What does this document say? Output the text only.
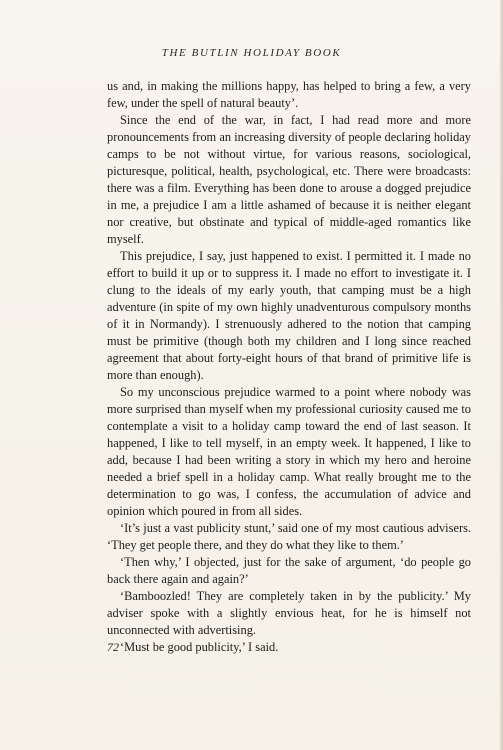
THE BUTLIN HOLIDAY BOOK

us and, in making the millions happy, has helped to bring a few, a very few, under the spell of natural beauty’.

Since the end of the war, in fact, I had read more and more pronouncements from an increasing diversity of people declaring holiday camps to be not without virtue, for various reasons, sociological, picturesque, political, health, psychological, etc. There were broadcasts: there was a film. Everything has been done to arouse a dogged prejudice in me, a prejudice I am a little ashamed of because it is neither elegant nor creative, but obstinate and typical of middle-aged romantics like myself.

This prejudice, I say, just happened to exist. I permitted it. I made no effort to build it up or to suppress it. I made no effort to investigate it. I clung to the ideals of my early youth, that camping must be a high adventure (in spite of my own highly unadventurous compulsory months of it in Normandy). I strenuously adhered to the notion that camping must be primitive (though both my children and I long since reached agreement that about forty-eight hours of that brand of primitive life is more than enough).

So my unconscious prejudice warmed to a point where nobody was more surprised than myself when my professional curiosity caused me to contemplate a visit to a holiday camp toward the end of last season. It happened, I like to tell myself, in an empty week. It happened, I like to add, because I had been writing a story in which my hero and heroine needed a brief spell in a holiday camp. What really brought me to the determination to go was, I confess, the accumulation of advice and opinion which poured in from all sides.

‘It’s just a vast publicity stunt,’ said one of my most cautious advisers. ‘They get people there, and they do what they like to them.’

‘Then why,’ I objected, just for the sake of argument, ‘do people go back there again and again?’

‘Bamboozled! They are completely taken in by the publicity.’ My adviser spoke with a slightly envious heat, for he is himself not unconnected with advertising.

‘Must be good publicity,’ I said.

72
